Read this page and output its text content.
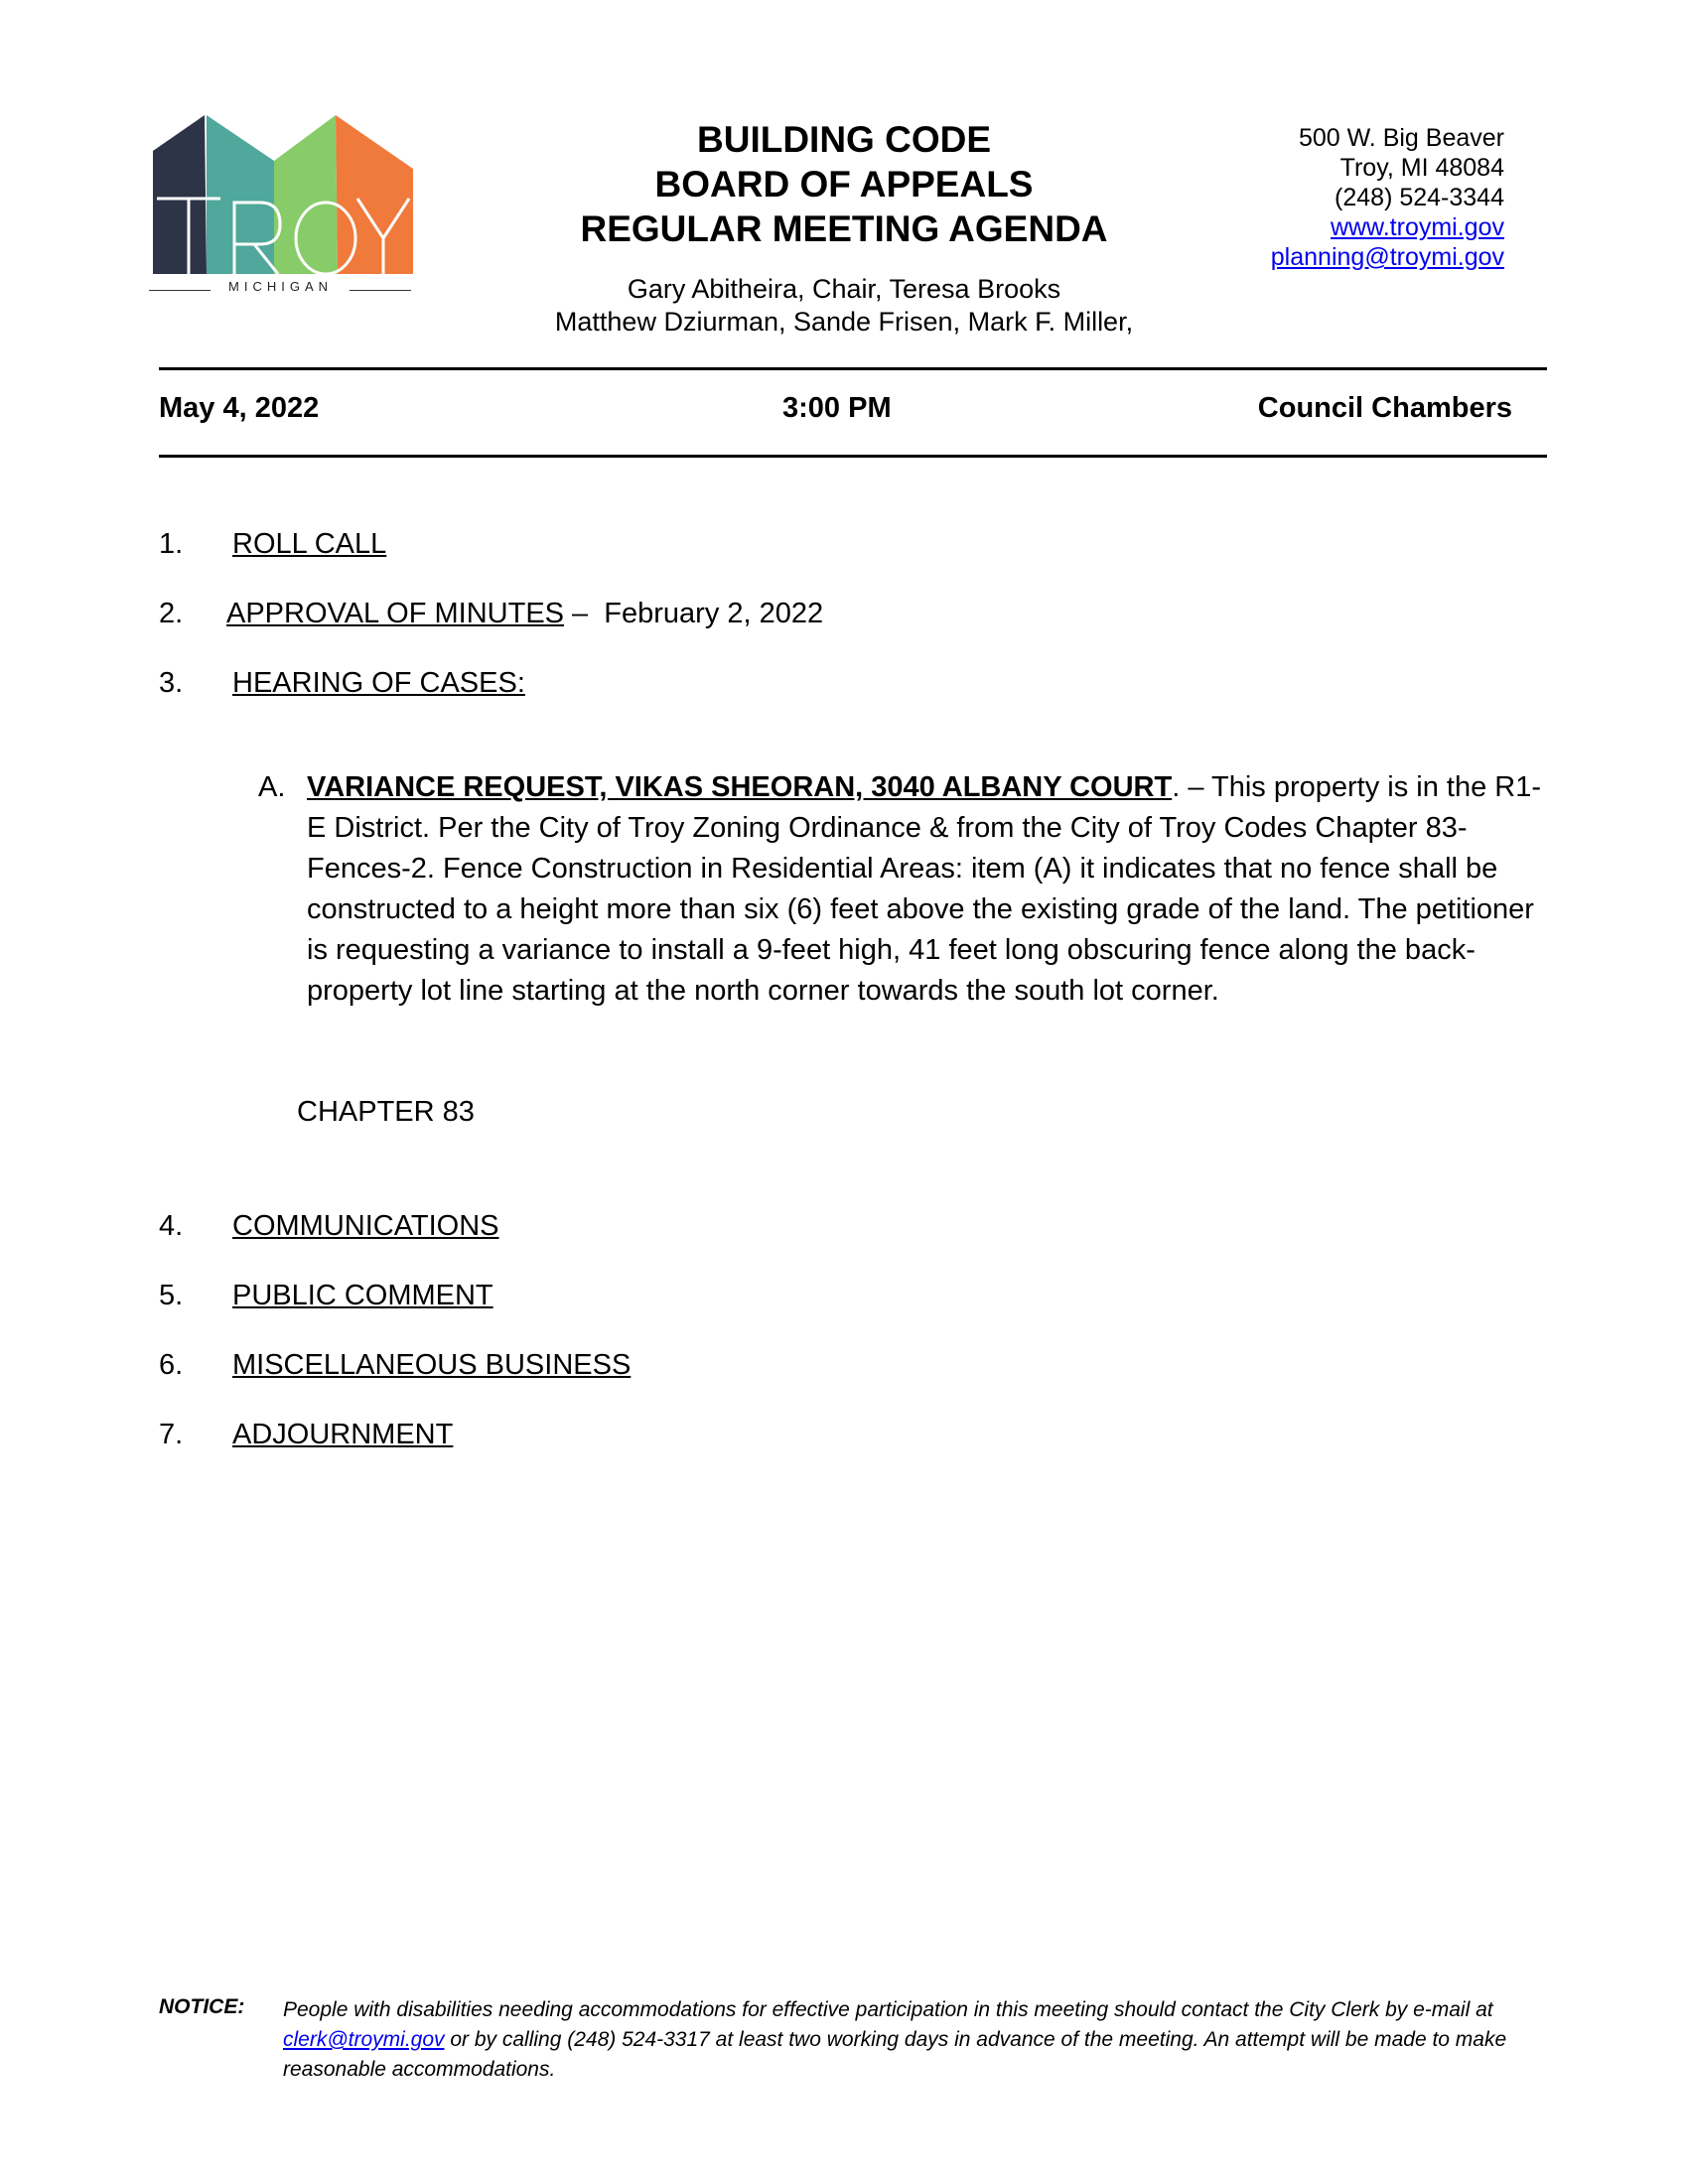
MICHIGAN
BUILDING CODE
BOARD OF APPEALS
REGULAR MEETING AGENDA
Gary Abitheira, Chair, Teresa Brooks
Matthew Dziurman, Sande Frisen, Mark F. Miller,
500 W. Big Beaver
Troy, MI 48084
(248) 524-3344
www.troymi.gov
planning@troymi.gov
May 4, 2022	3:00 PM	Council Chambers
1. ROLL CALL
2. APPROVAL OF MINUTES –  February 2, 2022
3. HEARING OF CASES:
A. VARIANCE REQUEST, VIKAS SHEORAN, 3040 ALBANY COURT. – This property is in the R1-E District. Per the City of Troy Zoning Ordinance & from the City of Troy Codes Chapter 83-Fences-2. Fence Construction in Residential Areas: item (A) it indicates that no fence shall be constructed to a height more than six (6) feet above the existing grade of the land. The petitioner is requesting a variance to install a 9-feet high, 41 feet long obscuring fence along the back-property lot line starting at the north corner towards the south lot corner.
CHAPTER 83
4. COMMUNICATIONS
5. PUBLIC COMMENT
6. MISCELLANEOUS BUSINESS
7. ADJOURNMENT
NOTICE: People with disabilities needing accommodations for effective participation in this meeting should contact the City Clerk by e-mail at clerk@troymi.gov or by calling (248) 524-3317 at least two working days in advance of the meeting. An attempt will be made to make reasonable accommodations.
